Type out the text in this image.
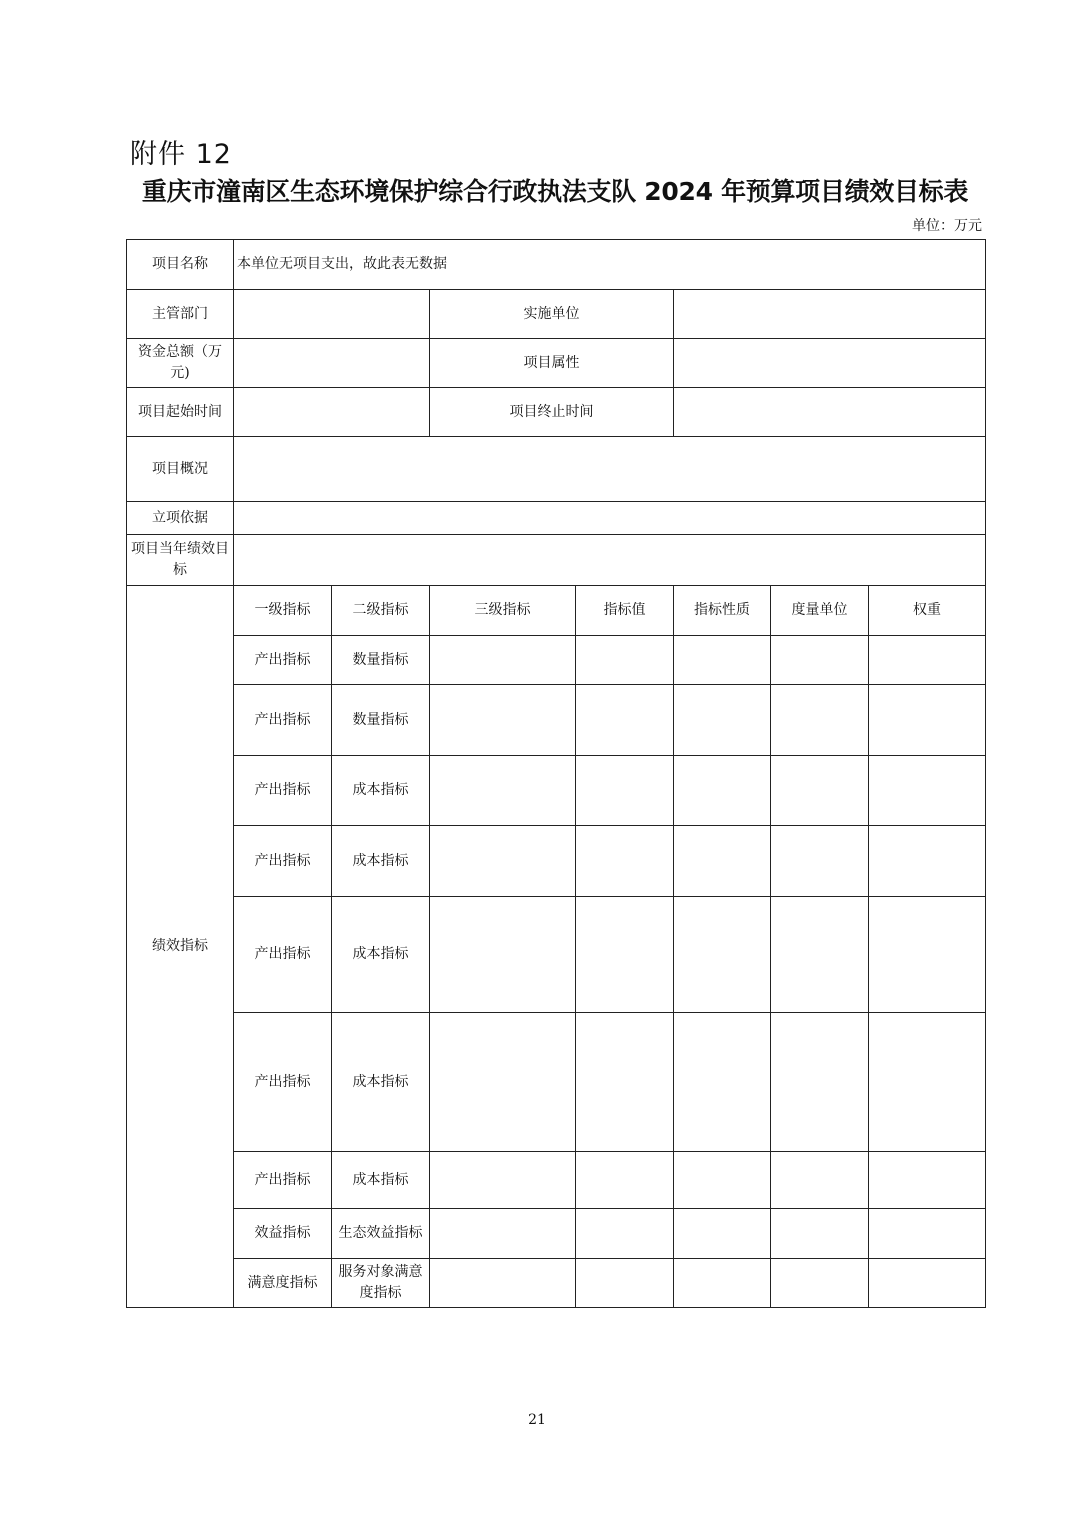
附件 12
重庆市潼南区生态环境保护综合行政执法支队 2024 年预算项目绩效目标表
单位：万元
项目名称	本单位无项目支出，故此表无数据						
主管部门			实施单位				
资金总额（万元)			项目属性				
项目起始时间			项目终止时间				
项目概况							
立项依据							
项目当年绩效目标							
绩效指标	一级指标	二级指标	三级指标	指标值	指标性质	度量单位	权重
	产出指标	数量指标					
	产出指标	数量指标					
	产出指标	成本指标					
	产出指标	成本指标					
	产出指标	成本指标					
	产出指标	成本指标					
	产出指标	成本指标					
	效益指标	生态效益指标					
	满意度指标	服务对象满意度指标					
21
